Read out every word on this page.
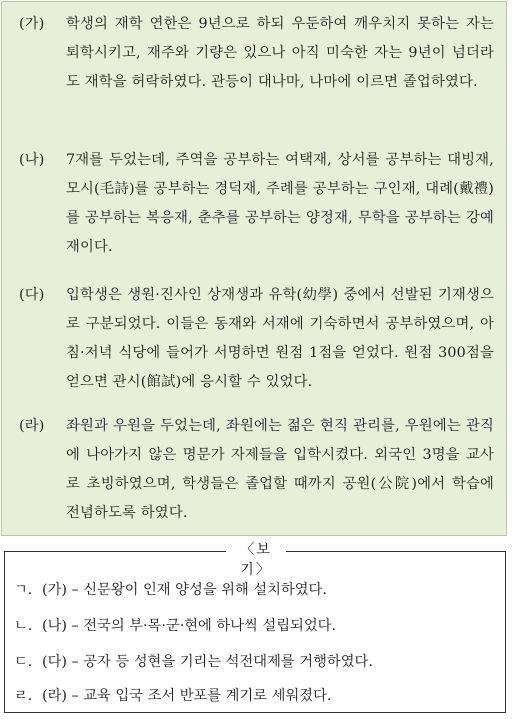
(가)	학생의 재학 연한은 9년으로 하되 우둔하여 깨우치지 못하는 자는 퇴학시키고, 재주와 기량은 있으나 아직 미숙한 자는 9년이 넘더라도 재학을 허락하였다. 관등이 대나마, 나마에 이르면 졸업하였다.
(나)	7재를 두었는데, 주역을 공부하는 여택재, 상서를 공부하는 대빙재, 모시(毛詩)를 공부하는 경덕재, 주례를 공부하는 구인재, 대례(戴禮)를 공부하는 복응재, 춘추를 공부하는 양정재, 무학을 공부하는 강예재이다.
(다)	입학생은 생원·진사인 상재생과 유학(幼學) 중에서 선발된 기재생으로 구분되었다. 이들은 동재와 서재에 기숙하면서 공부하였으며, 아침·저녁 식당에 들어가 서명하면 원점 1점을 얻었다. 원점 300점을 얻으면 관시(館試)에 응시할 수 있었다.
(라)	좌원과 우원을 두었는데, 좌원에는 젊은 현직 관리를, 우원에는 관직에 나아가지 않은 명문가 자제들을 입학시켰다. 외국인 3명을 교사로 초빙하였으며, 학생들은 졸업할 때까지 공원(公院)에서 학습에 전념하도록 하였다.
〈보 기〉
ㄱ. (가) – 신문왕이 인재 양성을 위해 설치하였다.
ㄴ. (나) – 전국의 부·목·군·현에 하나씩 설립되었다.
ㄷ. (다) – 공자 등 성현을 기리는 석전대제를 거행하였다.
ㄹ. (라) – 교육 입국 조서 반포를 계기로 세워졌다.
